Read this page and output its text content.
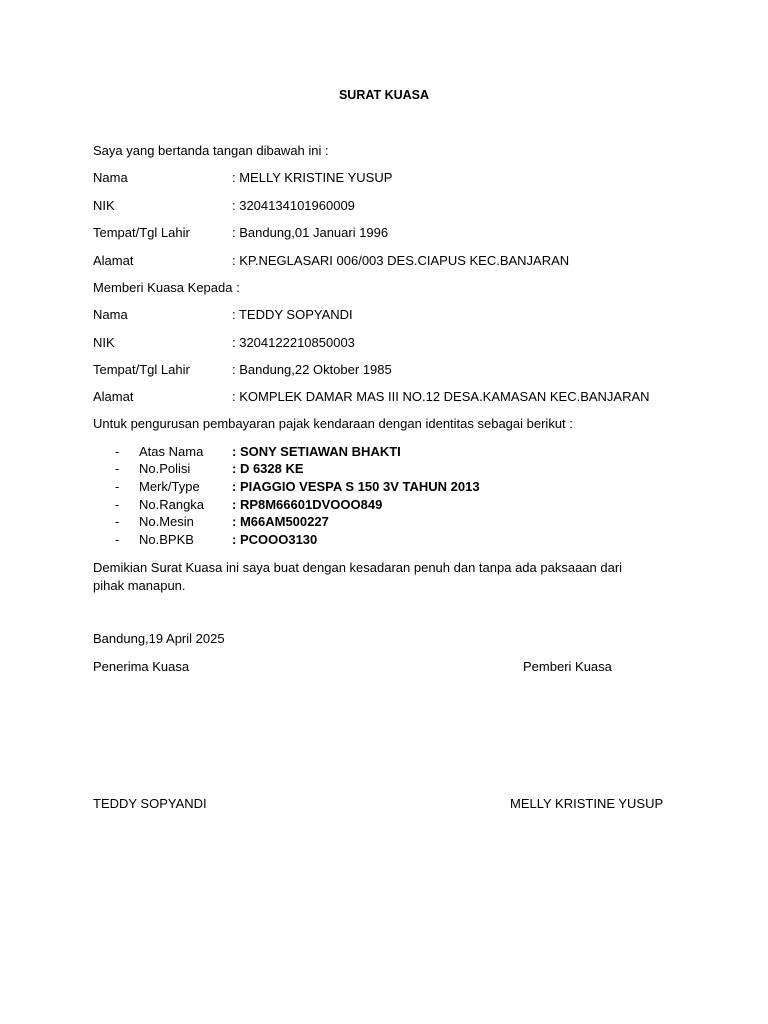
SURAT KUASA
Saya yang bertanda tangan dibawah ini :
Nama	: MELLY KRISTINE YUSUP
NIK	: 3204134101960009
Tempat/Tgl Lahir	: Bandung,01 Januari 1996
Alamat	: KP.NEGLASARI 006/003 DES.CIAPUS KEC.BANJARAN
Memberi Kuasa Kepada :
Nama	: TEDDY SOPYANDI
NIK	: 3204122210850003
Tempat/Tgl Lahir	: Bandung,22 Oktober 1985
Alamat	: KOMPLEK DAMAR MAS III NO.12 DESA.KAMASAN KEC.BANJARAN
Untuk pengurusan pembayaran pajak kendaraan dengan identitas sebagai berikut :
- Atas Nama : SONY SETIAWAN BHAKTI
- No.Polisi	: D 6328 KE
- Merk/Type : PIAGGIO VESPA S 150 3V TAHUN 2013
- No.Rangka : RP8M66601DVOOO849
- No.Mesin	: M66AM500227
- No.BPKB	: PCOOO3130
Demikian Surat Kuasa ini saya buat dengan kesadaran penuh dan tanpa ada paksaaan dari pihak manapun.
Bandung,19 April 2025
Penerima Kuasa	Pemberi Kuasa
TEDDY SOPYANDI	MELLY KRISTINE YUSUP
